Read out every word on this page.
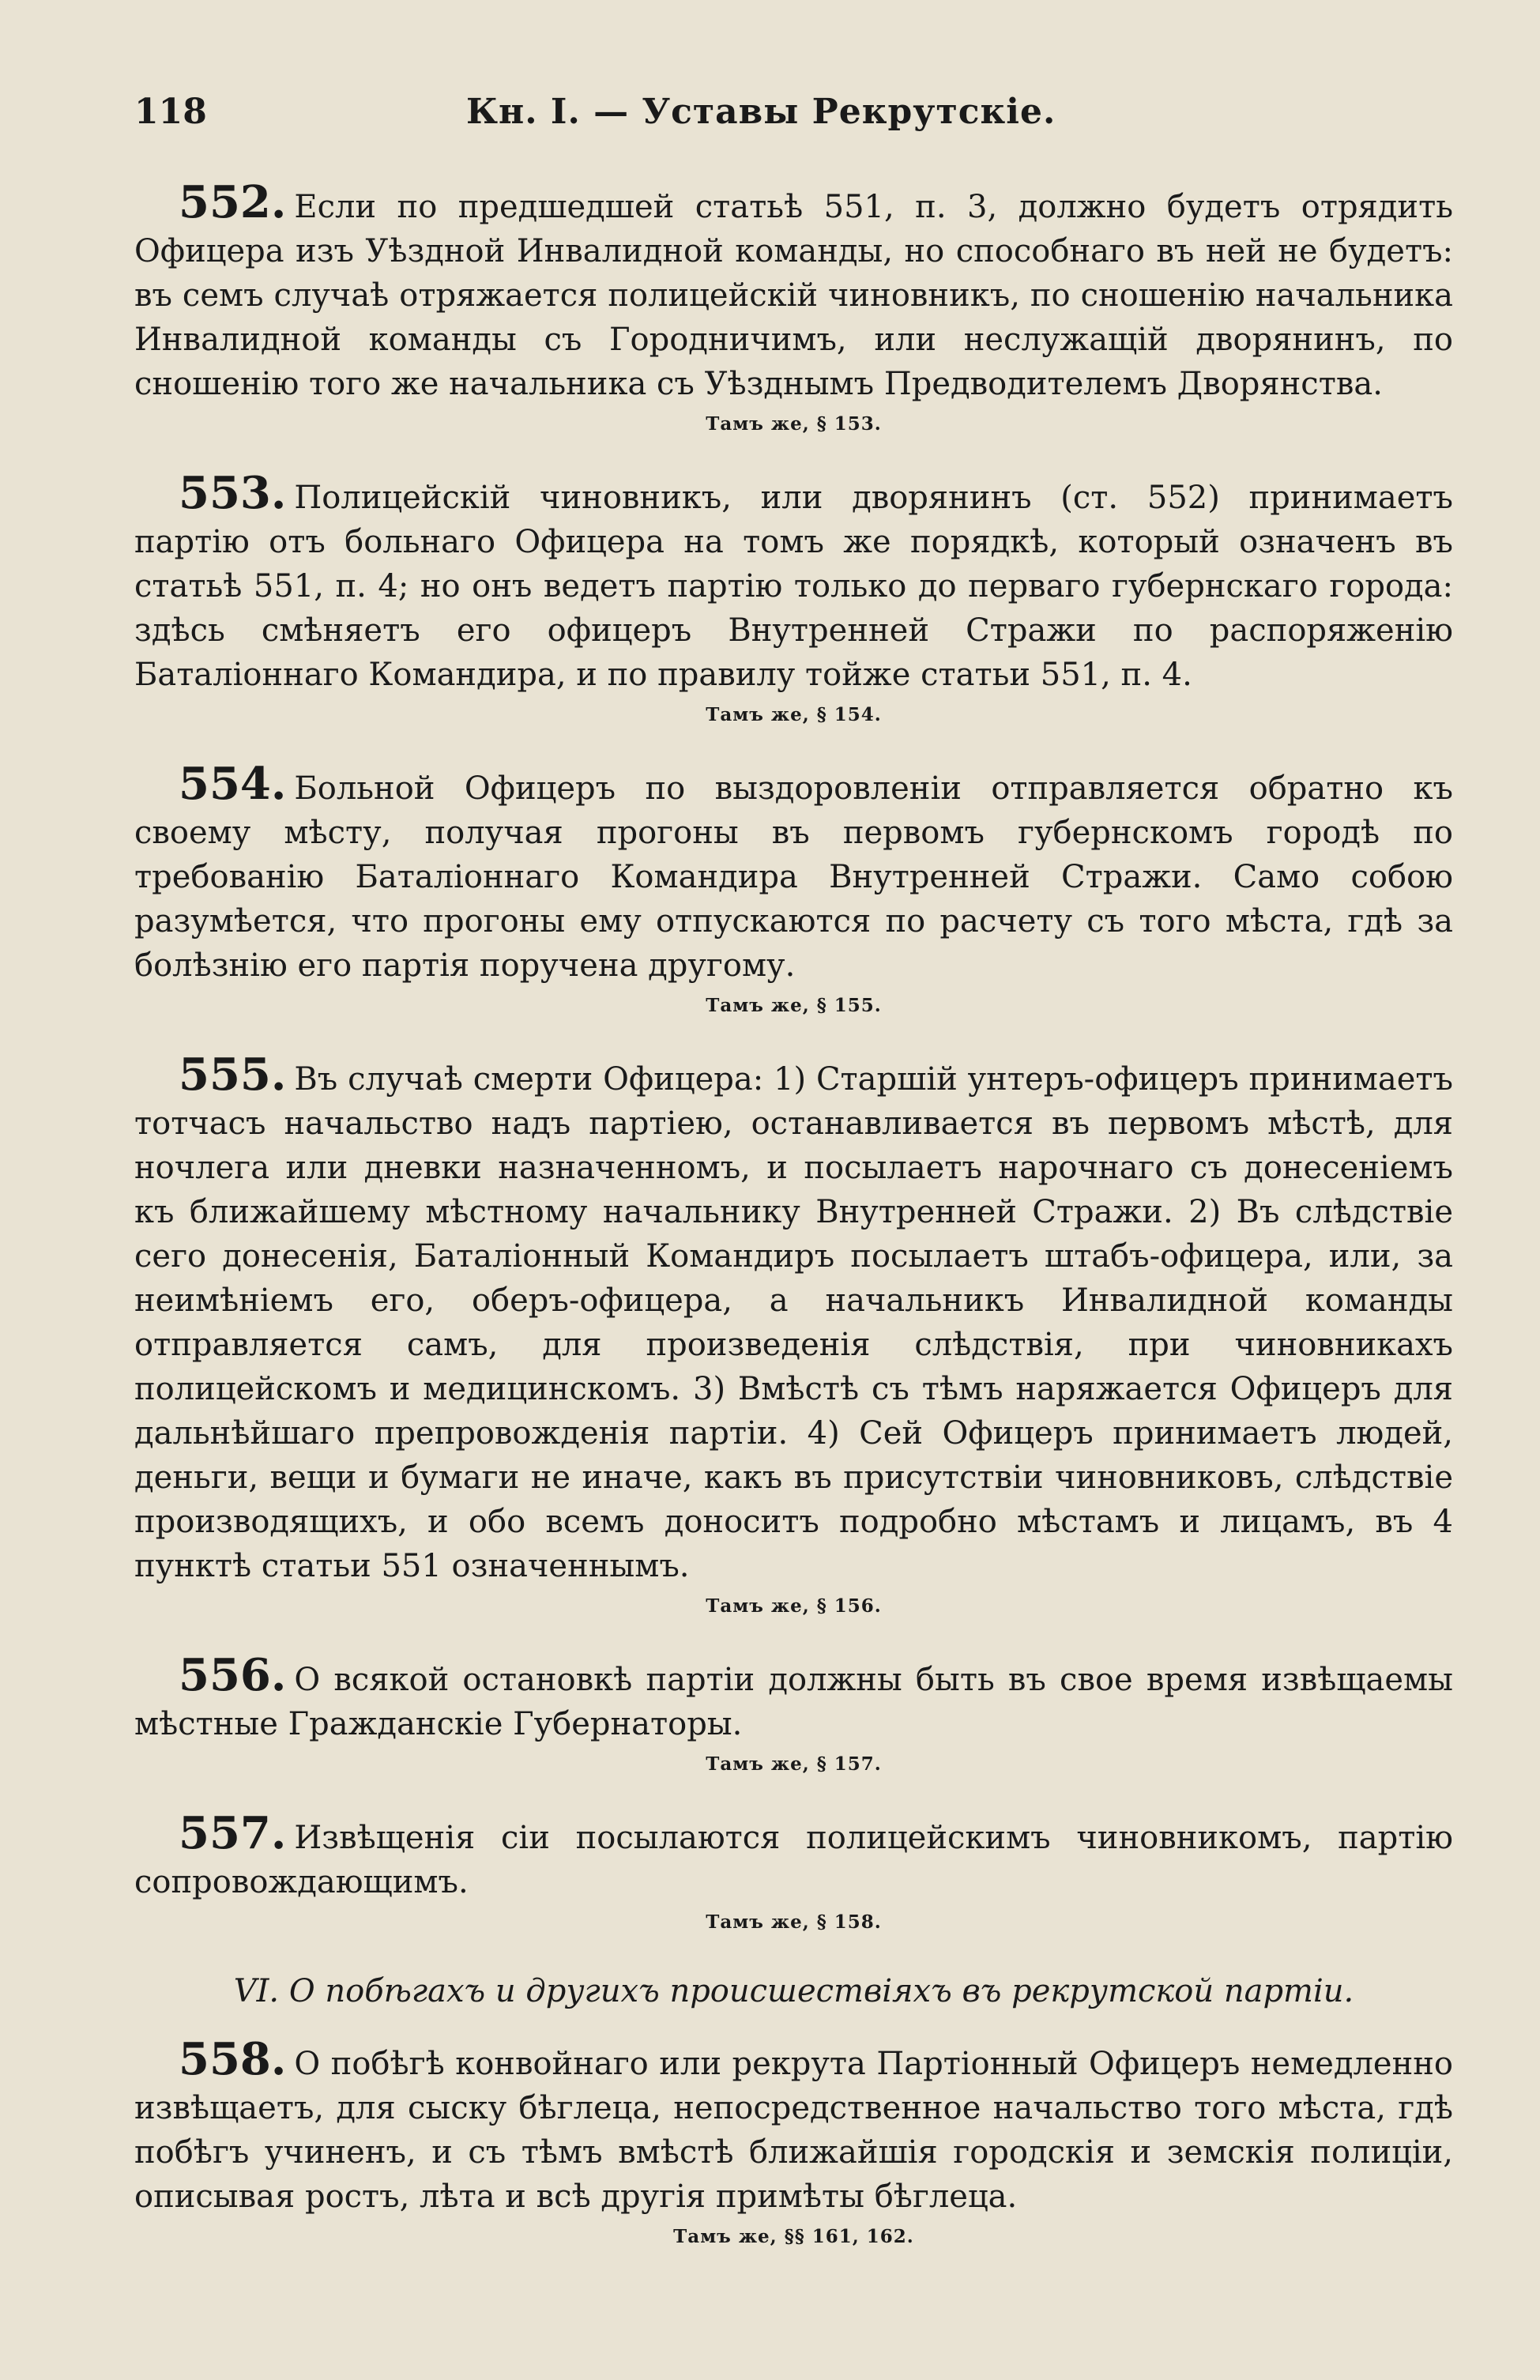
118	Кн. I. — Уставы Рекрутскіе.

552. Если по предшедшей статьѣ 551, п. 3, должно будетъ отрядить Офицера изъ Уѣздной Инвалидной команды, но способнаго въ ней не будетъ: въ семъ случаѣ отряжается полицейскій чиновникъ, по сношенію начальника Инвалидной команды съ Городничимъ, или неслужащій дворянинъ, по сношенію того же начальника съ Уѣзднымъ Предводителемъ Дворянства.

Тамъ же, § 153.

553. Полицейскій чиновникъ, или дворянинъ (ст. 552) принимаетъ партію отъ больнаго Офицера на томъ же порядкѣ, который означенъ въ статьѣ 551, п. 4; но онъ ведетъ партію только до перваго губернскаго города: здѣсь смѣняетъ его офицеръ Внутренней Стражи по распоряженію Баталіоннаго Командира, и по правилу тойже статьи 551, п. 4.

Тамъ же, § 154.

554. Больной Офицеръ по выздоровленіи отправляется обратно къ своему мѣсту, получая прогоны въ первомъ губернскомъ городѣ по требованію Баталіоннаго Командира Внутренней Стражи. Само собою разумѣется, что прогоны ему отпускаются по расчету съ того мѣста, гдѣ за болѣзнію его партія поручена другому.

Тамъ же, § 155.

555. Въ случаѣ смерти Офицера: 1) Старшій унтеръ-офицеръ принимаетъ тотчасъ начальство надъ партіею, останавливается въ первомъ мѣстѣ, для ночлега или дневки назначенномъ, и посылаетъ нарочнаго съ донесеніемъ къ ближайшему мѣстному начальнику Внутренней Стражи. 2) Въ слѣдствіе сего донесенія, Баталіонный Командиръ посылаетъ штабъ-офицера, или, за неимѣніемъ его, оберъ-офицера, а начальникъ Инвалидной команды отправляется самъ, для произведенія слѣдствія, при чиновникахъ полицейскомъ и медицинскомъ. 3) Вмѣстѣ съ тѣмъ наряжается Офицеръ для дальнѣйшаго препровожденія партіи. 4) Сей Офицеръ принимаетъ людей, деньги, вещи и бумаги не иначе, какъ въ присутствіи чиновниковъ, слѣдствіе производящихъ, и обо всемъ доноситъ подробно мѣстамъ и лицамъ, въ 4 пунктѣ статьи 551 означеннымъ.

Тамъ же, § 156.

556. О всякой остановкѣ партіи должны быть въ свое время извѣщаемы мѣстные Гражданскіе Губернаторы.

Тамъ же, § 157.

557. Извѣщенія сіи посылаются полицейскимъ чиновникомъ, партію сопровождающимъ.

Тамъ же, § 158.
VI. О побѣгахъ и другихъ происшествіяхъ въ рекрутской партіи.

558. О побѣгѣ конвойнаго или рекрута Партіонный Офицеръ немедленно извѣщаетъ, для сыску бѣглеца, непосредственное начальство того мѣста, гдѣ побѣгъ учиненъ, и съ тѣмъ вмѣстѣ ближайшія городскія и земскія полиціи, описывая ростъ, лѣта и всѣ другія примѣты бѣглеца.

Тамъ же, §§ 161, 162.
